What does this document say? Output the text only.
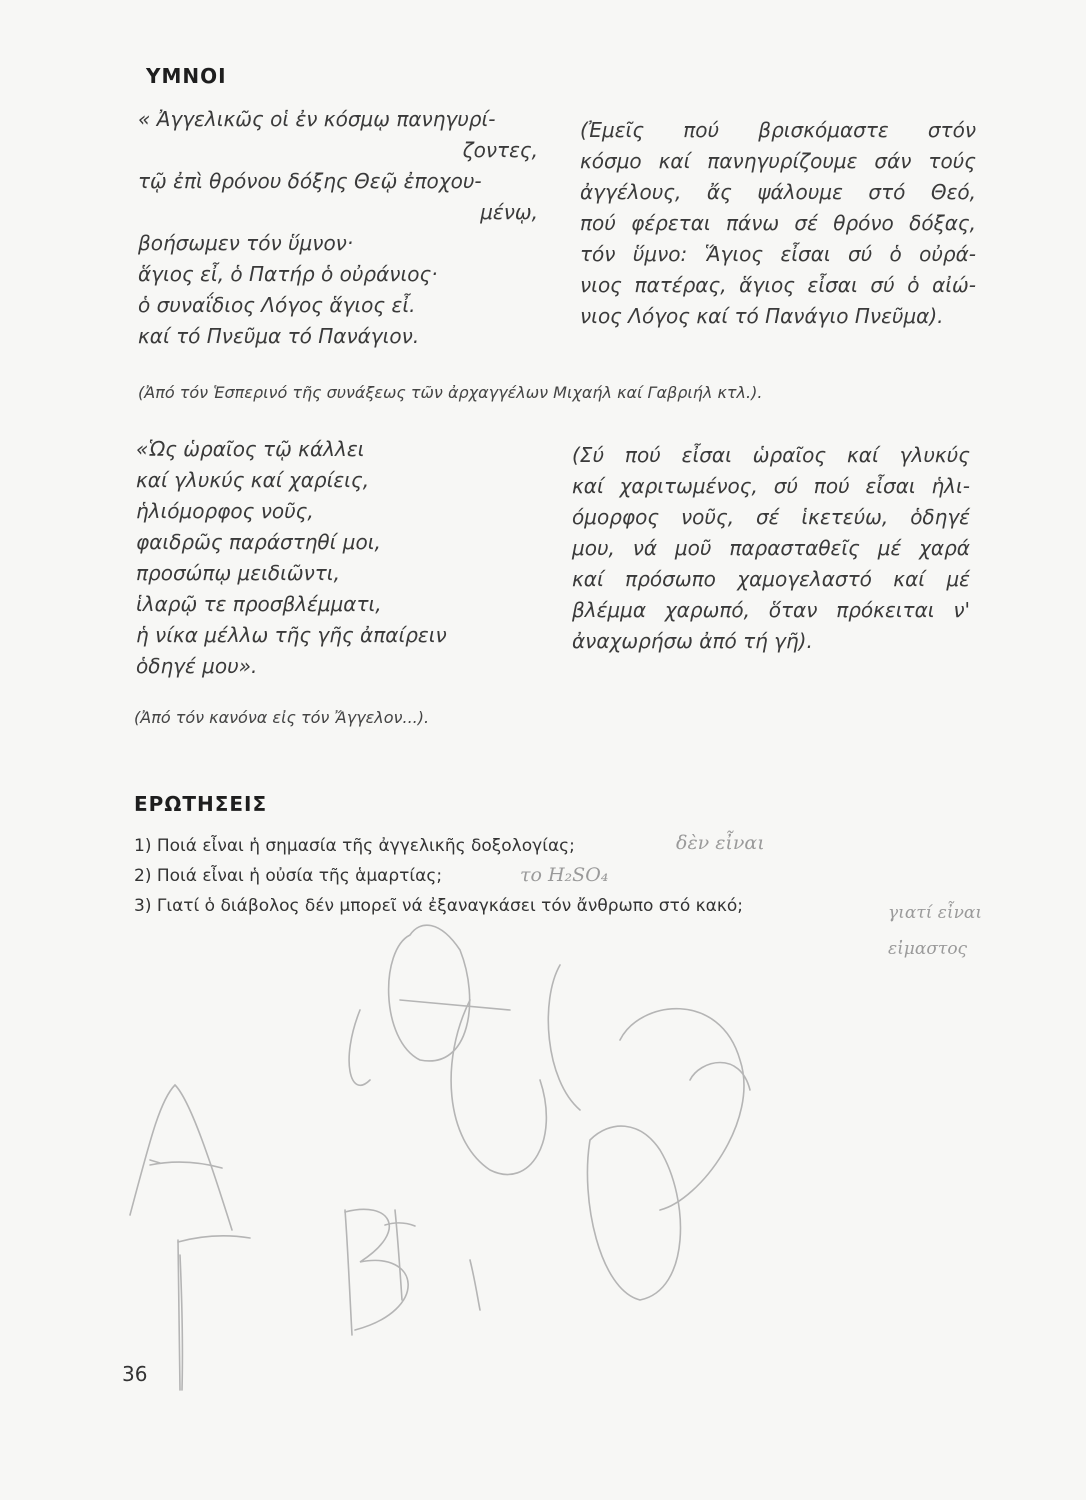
ΥΜΝΟΙ
« Ἀγγελικῶς οἱ ἐν κόσμῳ πανηγυρί-
ζοντες,
τῷ ἐπὶ θρόνου δόξης Θεῷ ἐποχου-
μένῳ,
βοήσωμεν τόν ὕμνον·
ἅγιος εἶ, ὁ Πατήρ ὁ οὐράνιος·
ὁ συναΐδιος Λόγος ἅγιος εἶ.
καί τό Πνεῦμα τό Πανάγιον.
(Ἐμεῖς πού βρισκόμαστε στόν
κόσμο καί πανηγυρίζουμε σάν τούς
ἀγγέλους, ἄς ψάλουμε στό Θεό,
πού φέρεται πάνω σέ θρόνο δόξας,
τόν ὕμνο: Ἅγιος εἶσαι σύ ὁ οὐρά-
νιος πατέρας, ἅγιος εἶσαι σύ ὁ αἰώ-
νιος Λόγος καί τό Πανάγιο Πνεῦμα).
(Ἀπό τόν Ἑσπερινό τῆς συνάξεως τῶν ἀρχαγγέλων Μιχαήλ καί Γαβριήλ κτλ.).
«Ὡς ὡραῖος τῷ κάλλει
καί γλυκύς καί χαρίεις,
ἡλιόμορφος νοῦς,
φαιδρῶς παράστηθί μοι,
προσώπῳ μειδιῶντι,
ἱλαρῷ τε προσβλέμματι,
ἡ νίκα μέλλω τῆς γῆς ἀπαίρειν
ὁδηγέ μου».
(Σύ πού εἶσαι ὡραῖος καί γλυκύς
καί χαριτωμένος, σύ πού εἶσαι ἡλι-
όμορφος νοῦς, σέ ἱκετεύω, ὁδηγέ
μου, νά μοῦ παρασταθεῖς μέ χαρά
καί πρόσωπο χαμογελαστό καί μέ
βλέμμα χαρωπό, ὅταν πρόκειται ν'
ἀναχωρήσω ἀπό τή γῆ).
(Ἀπό τόν κανόνα εἰς τόν Ἄγγελον...).
ΕΡΩΤΗΣΕΙΣ
1) Ποιά εἶναι ἡ σημασία τῆς ἀγγελικῆς δοξολογίας;
2) Ποιά εἶναι ἡ οὐσία τῆς ἁμαρτίας;
3) Γιατί ὁ διάβολος δέν μπορεῖ νά ἐξαναγκάσει τόν ἄνθρωπο στό κακό;
δὲν εἶναι
το H₂SO₄
γιατί εἶναι εἰμαστος
36
